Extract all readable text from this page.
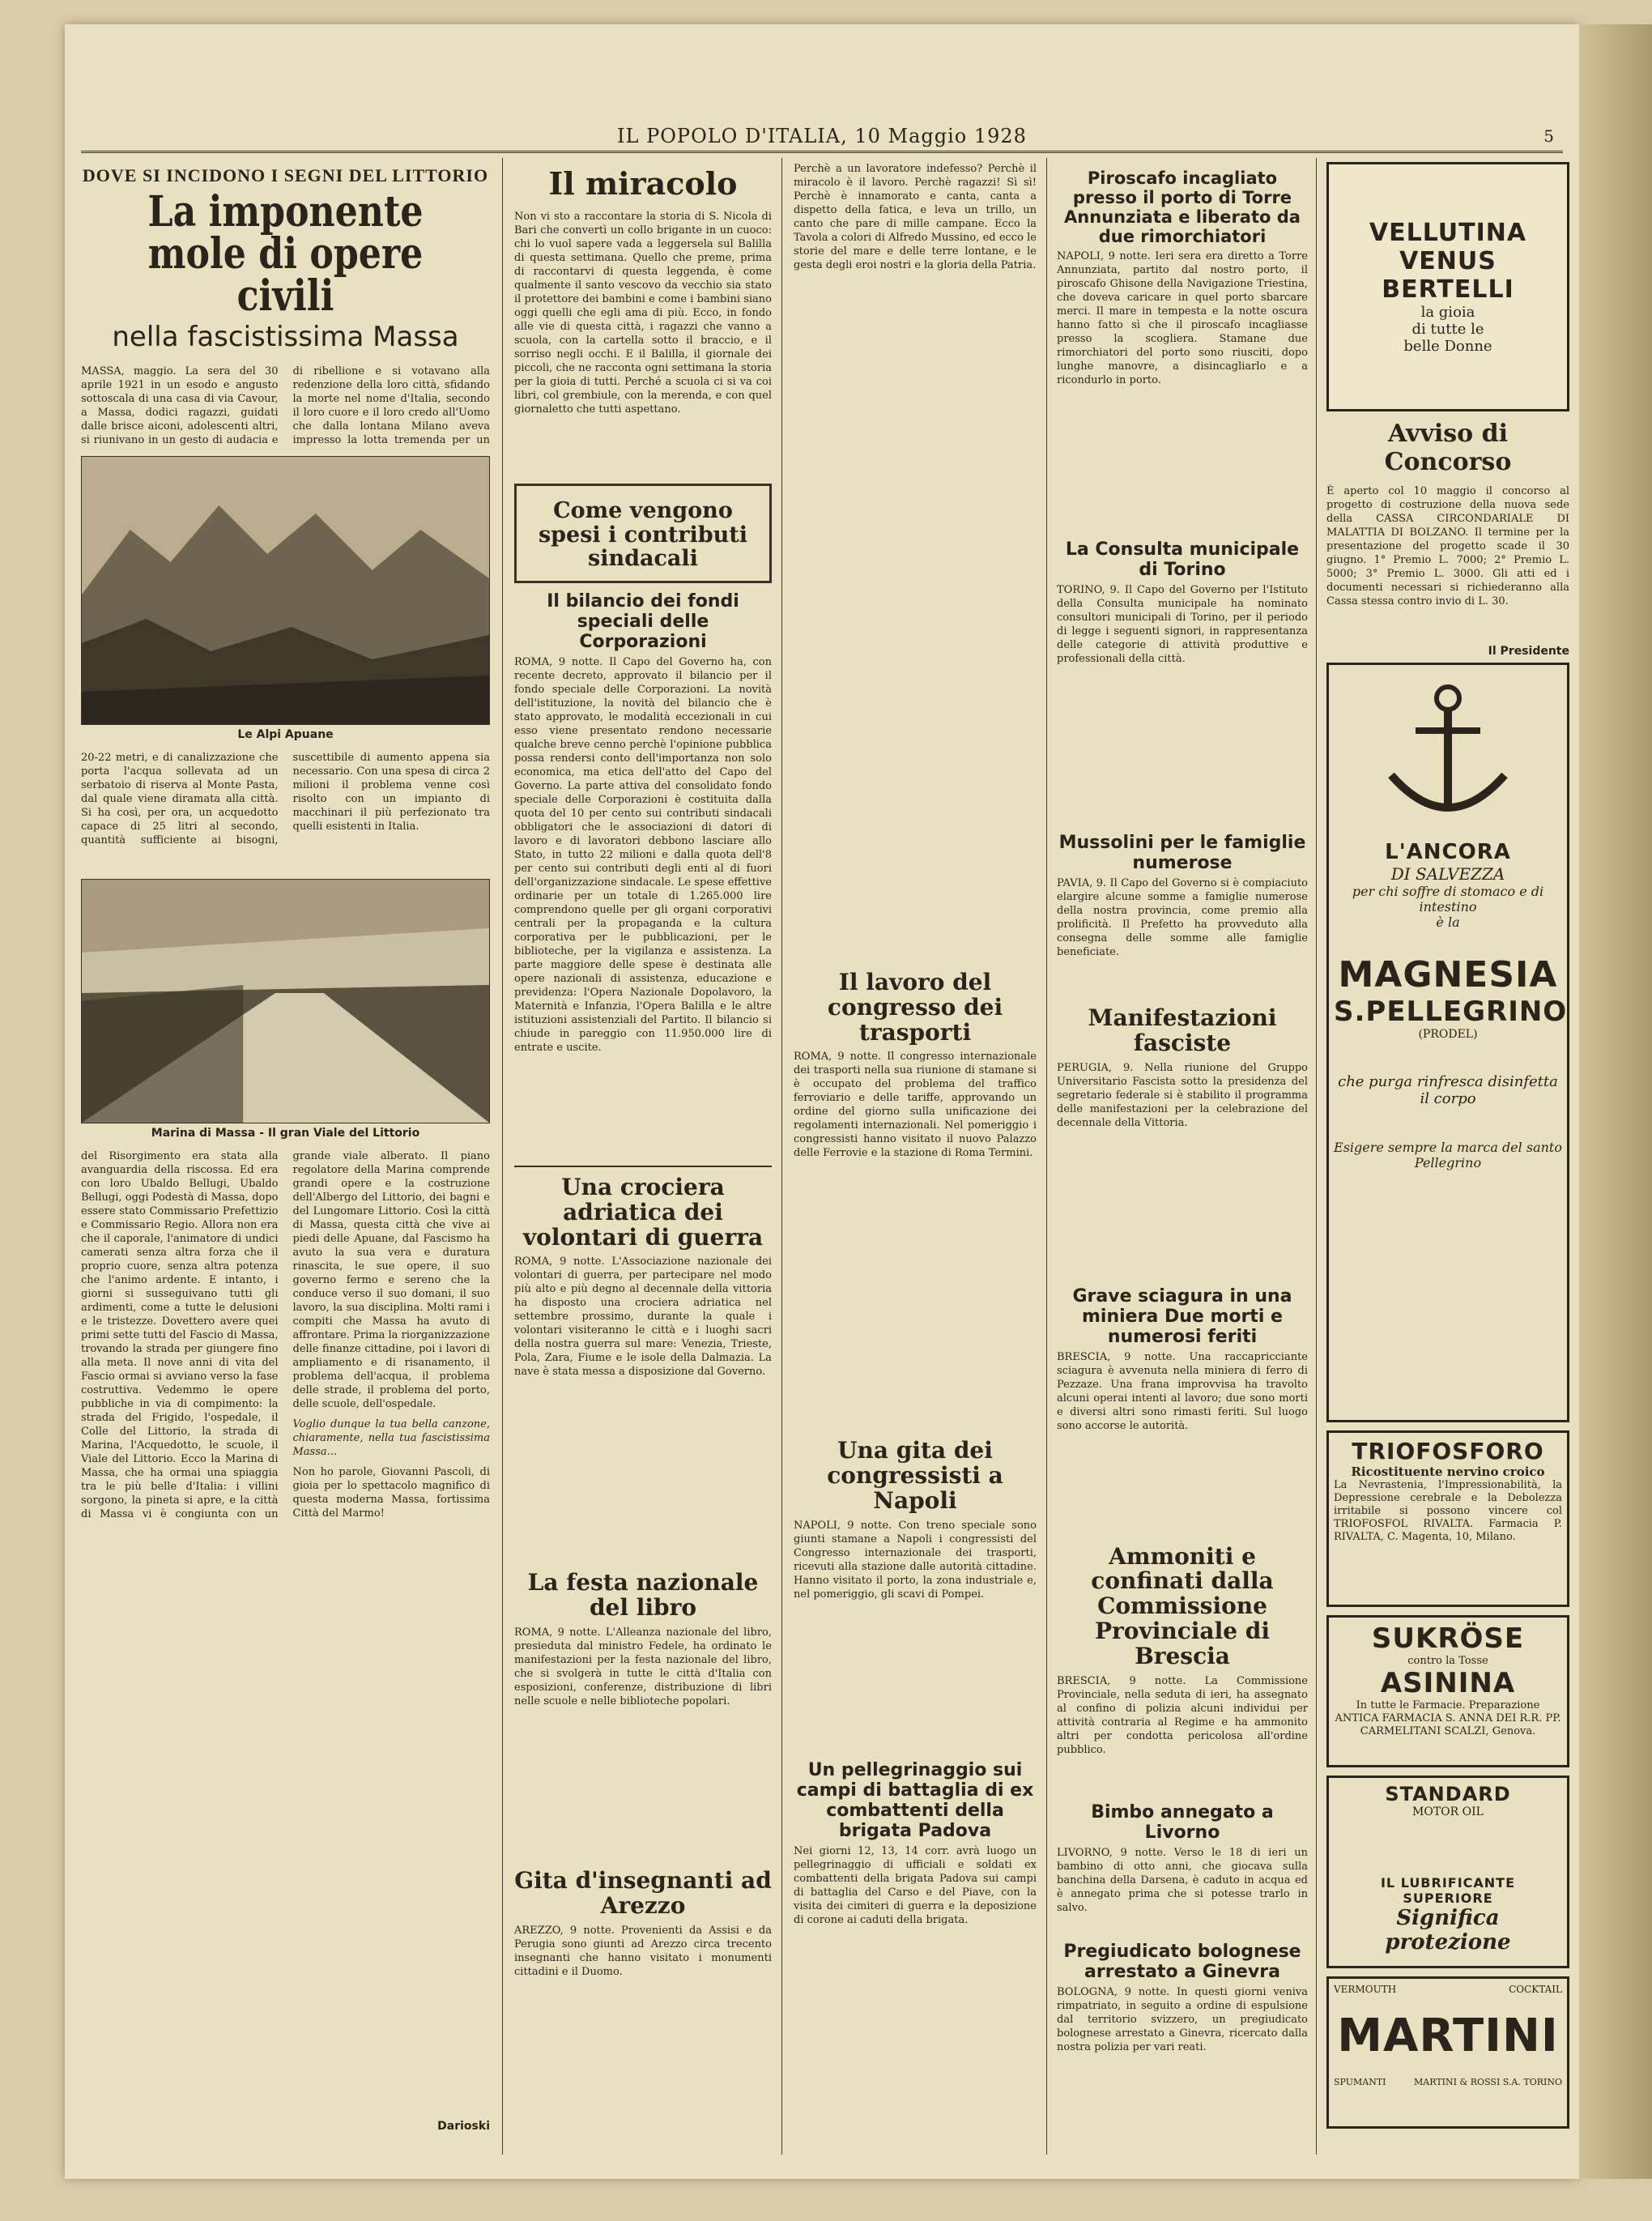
IL POPOLO D'ITALIA, 10 Maggio 1928	5
DOVE SI INCIDONO I SEGNI DEL LITTORIO
La imponente mole di opere civili
nella fascistissima Massa
MASSA, maggio. La sera del 30 aprile 1921 in un esodo e angusto sottoscala di una casa di via Cavour, a Massa, dodici ragazzi, guidati dalle brisce aiconi, adolescenti altri, si riunivano in un gesto di audacia e di ribellione e si votavano alla redenzione della loro città, sfidando la morte nel nome d'Italia, secondo il loro cuore e il loro credo all'Uomo che dalla lontana Milano aveva impresso la lotta tremenda per un
Le Alpi Apuane
20-22 metri, e di canalizzazione che porta l'acqua sollevata ad un serbatoio di riserva al Monte Pasta, dal quale viene diramata alla città. Si ha così, per ora, un acquedotto capace di 25 litri al secondo, quantità sufficiente ai bisogni, suscettibile di aumento appena sia necessario. Con una spesa di circa 2 milioni il problema venne così risolto con un impianto di macchinari il più perfezionato tra quelli esistenti in Italia.
Marina di Massa - Il gran Viale del Littorio
del Risorgimento era stata alla avanguardia della riscossa. Ed era con loro Ubaldo Bellugi, Ubaldo Bellugi, oggi Podestà di Massa, dopo essere stato Commissario Prefettizio e Commissario Regio. Allora non era che il caporale, l'animatore di undici camerati senza altra forza che il proprio cuore, senza altra potenza che l'animo ardente. E intanto, i giorni si susseguivano tutti gli ardimenti, come a tutte le delusioni e le tristezze. Dovettero avere quei primi sette tutti del Fascio di Massa, trovando la strada per giungere fino alla meta. Il nove anni di vita del Fascio ormai si avviano verso la fase costruttiva. Vedemmo le opere pubbliche in via di compimento: la strada del Frigido, l'ospedale, il Colle del Littorio, la strada di Marina, l'Acquedotto, le scuole, il Viale del Littorio. Ecco la Marina di Massa, che ha ormai una spiaggia tra le più belle d'Italia: i villini sorgono, la pineta si apre, e la città di Massa vi è congiunta con un grande viale alberato. Il piano regolatore della Marina comprende grandi opere e la costruzione dell'Albergo del Littorio, dei bagni e del Lungomare Littorio. Così la città di Massa, questa città che vive ai piedi delle Apuane, dal Fascismo ha avuto la sua vera e duratura rinascita, le sue opere, il suo governo fermo e sereno che la conduce verso il suo domani, il suo lavoro, la sua disciplina. Molti rami i compiti che Massa ha avuto di affrontare. Prima la riorganizzazione delle finanze cittadine, poi i lavori di ampliamento e di risanamento, il problema dell'acqua, il problema delle strade, il problema del porto, delle scuole, dell'ospedale.

Voglio dunque la tua bella canzone, chiaramente, nella tua fascistissima Massa...

Non ho parole, Giovanni Pascoli, di gioia per lo spettacolo magnifico di questa moderna Massa, fortissima Città del Marmo!
Darioski
Il miracolo

Non vi sto a raccontare la storia di S. Nicola di Bari che convertì un collo brigante in un cuoco: chi lo vuol sapere vada a leggersela sul Balilla di questa settimana. Quello che preme, prima di raccontarvi di questa leggenda, è come qualmente il santo vescovo da vecchio sia stato il protettore dei bambini e come i bambini siano oggi quelli che egli ama di più. Ecco, in fondo alle vie di questa città, i ragazzi che vanno a scuola, con la cartella sotto il braccio, e il sorriso negli occhi. E il Balilla, il giornale dei piccoli, che ne racconta ogni settimana la storia per la gioia di tutti. Perché a scuola ci si va coi libri, col grembiule, con la merenda, e con quel giornaletto che tutti aspettano.

Come vengono spesi i contributi sindacali
Il bilancio dei fondi speciali delle Corporazioni

ROMA, 9 notte. Il Capo del Governo ha, con recente decreto, approvato il bilancio per il fondo speciale delle Corporazioni. La novità dell'istituzione, la novità del bilancio che è stato approvato, le modalità eccezionali in cui esso viene presentato rendono necessarie qualche breve cenno perchè l'opinione pubblica possa rendersi conto dell'importanza non solo economica, ma etica dell'atto del Capo del Governo. La parte attiva del consolidato fondo speciale delle Corporazioni è costituita dalla quota del 10 per cento sui contributi sindacali obbligatori che le associazioni di datori di lavoro e di lavoratori debbono lasciare allo Stato, in tutto 22 milioni e dalla quota dell'8 per cento sui contributi degli enti al di fuori dell'organizzazione sindacale. Le spese effettive ordinarie per un totale di 1.265.000 lire comprendono quelle per gli organi corporativi centrali per la propaganda e la cultura corporativa per le pubblicazioni, per le biblioteche, per la vigilanza e assistenza. La parte maggiore delle spese è destinata alle opere nazionali di assistenza, educazione e previdenza: l'Opera Nazionale Dopolavoro, la Maternità e Infanzia, l'Opera Balilla e le altre istituzioni assistenziali del Partito. Il bilancio si chiude in pareggio con 11.950.000 lire di entrate e uscite.

Una crociera adriatica dei volontari di guerra

ROMA, 9 notte. L'Associazione nazionale dei volontari di guerra, per partecipare nel modo più alto e più degno al decennale della vittoria ha disposto una crociera adriatica nel settembre prossimo, durante la quale i volontari visiteranno le città e i luoghi sacri della nostra guerra sul mare: Venezia, Trieste, Pola, Zara, Fiume e le isole della Dalmazia. La nave è stata messa a disposizione dal Governo.

La festa nazionale del libro

ROMA, 9 notte. L'Alleanza nazionale del libro, presieduta dal ministro Fedele, ha ordinato le manifestazioni per la festa nazionale del libro, che si svolgerà in tutte le città d'Italia con esposizioni, conferenze, distribuzione di libri nelle scuole e nelle biblioteche popolari.

Gita d'insegnanti ad Arezzo

AREZZO, 9 notte. Provenienti da Assisi e da Perugia sono giunti ad Arezzo circa trecento insegnanti che hanno visitato i monumenti cittadini e il Duomo.

Perchè a un lavoratore indefesso? Perchè il miracolo è il lavoro. Perchè ragazzi! Sì sì! Perchè è innamorato e canta, canta a dispetto della fatica, e leva un trillo, un canto che pare di mille campane. Ecco la Tavola a colori di Alfredo Mussino, ed ecco le storie del mare e delle terre lontane, e le gesta degli eroi nostri e la gloria della Patria.

Il lavoro del congresso dei trasporti

ROMA, 9 notte. Il congresso internazionale dei trasporti nella sua riunione di stamane si è occupato del problema del traffico ferroviario e delle tariffe, approvando un ordine del giorno sulla unificazione dei regolamenti internazionali. Nel pomeriggio i congressisti hanno visitato il nuovo Palazzo delle Ferrovie e la stazione di Roma Termini.

Una gita dei congressisti a Napoli

NAPOLI, 9 notte. Con treno speciale sono giunti stamane a Napoli i congressisti del Congresso internazionale dei trasporti, ricevuti alla stazione dalle autorità cittadine. Hanno visitato il porto, la zona industriale e, nel pomeriggio, gli scavi di Pompei.

Un pellegrinaggio sui campi di battaglia di ex combattenti della brigata Padova

Nei giorni 12, 13, 14 corr. avrà luogo un pellegrinaggio di ufficiali e soldati ex combattenti della brigata Padova sui campi di battaglia del Carso e del Piave, con la visita dei cimiteri di guerra e la deposizione di corone ai caduti della brigata.

Piroscafo incagliato presso il porto di Torre Annunziata e liberato da due rimorchiatori

NAPOLI, 9 notte. Ieri sera era diretto a Torre Annunziata, partito dal nostro porto, il piroscafo Ghisone della Navigazione Triestina, che doveva caricare in quel porto sbarcare merci. Il mare in tempesta e la notte oscura hanno fatto sì che il piroscafo incagliasse presso la scogliera. Stamane due rimorchiatori del porto sono riusciti, dopo lunghe manovre, a disincagliarlo e a ricondurlo in porto.

La Consulta municipale di Torino

TORINO, 9. Il Capo del Governo per l'Istituto della Consulta municipale ha nominato consultori municipali di Torino, per il periodo di legge i seguenti signori, in rappresentanza delle categorie di attività produttive e professionali della città.

Mussolini per le famiglie numerose

PAVIA, 9. Il Capo del Governo si è compiaciuto elargire alcune somme a famiglie numerose della nostra provincia, come premio alla prolificità. Il Prefetto ha provveduto alla consegna delle somme alle famiglie beneficiate.

Manifestazioni fasciste

PERUGIA, 9. Nella riunione del Gruppo Universitario Fascista sotto la presidenza del segretario federale si è stabilito il programma delle manifestazioni per la celebrazione del decennale della Vittoria.

Grave sciagura in una miniera Due morti e numerosi feriti

BRESCIA, 9 notte. Una raccapricciante sciagura è avvenuta nella miniera di ferro di Pezzaze. Una frana improvvisa ha travolto alcuni operai intenti al lavoro; due sono morti e diversi altri sono rimasti feriti. Sul luogo sono accorse le autorità.

Ammoniti e confinati dalla Commissione Provinciale di Brescia

BRESCIA, 9 notte. La Commissione Provinciale, nella seduta di ieri, ha assegnato al confino di polizia alcuni individui per attività contraria al Regime e ha ammonito altri per condotta pericolosa all'ordine pubblico.

Bimbo annegato a Livorno

LIVORNO, 9 notte. Verso le 18 di ieri un bambino di otto anni, che giocava sulla banchina della Darsena, è caduto in acqua ed è annegato prima che si potesse trarlo in salvo.

Pregiudicato bolognese arrestato a Ginevra

BOLOGNA, 9 notte. In questi giorni veniva rimpatriato, in seguito a ordine di espulsione dal territorio svizzero, un pregiudicato bolognese arrestato a Ginevra, ricercato dalla nostra polizia per vari reati.

VELLUTINA
VENUS
BERTELLI
la gioia
di tutte le
belle Donne
Avviso di Concorso

È aperto col 10 maggio il concorso al progetto di costruzione della nuova sede della CASSA CIRCONDARIALE DI MALATTIA DI BOLZANO. Il termine per la presentazione del progetto scade il 30 giugno. 1° Premio L. 7000; 2° Premio L. 5000; 3° Premio L. 3000. Gli atti ed i documenti necessari si richiederanno alla Cassa stessa contro invio di L. 30.

Il Presidente
L'ANCORA
DI SALVEZZA
per chi soffre di stomaco e di intestino
è la
MAGNESIA
S.PELLEGRINO
(PRODEL)
che purga rinfresca disinfetta il corpo
Esigere sempre la marca del santo Pellegrino
TRIOFOSFORO
Ricostituente nervino croico
La Nevrastenia, l'Impressionabilità, la Depressione cerebrale e la Debolezza irritabile si possono vincere col TRIOFOSFOL RIVALTA. Farmacia P. RIVALTA, C. Magenta, 10, Milano.
SUKRÖSE
contro la Tosse
ASININA
In tutte le Farmacie. Preparazione ANTICA FARMACIA S. ANNA DEI R.R. PP. CARMELITANI SCALZI, Genova.
STANDARD
MOTOR OIL
IL LUBRIFICANTE SUPERIORE
Significa protezione
VERMOUTH	COCKTAIL
MARTINI
SPUMANTI	MARTINI & ROSSI S.A. TORINO
